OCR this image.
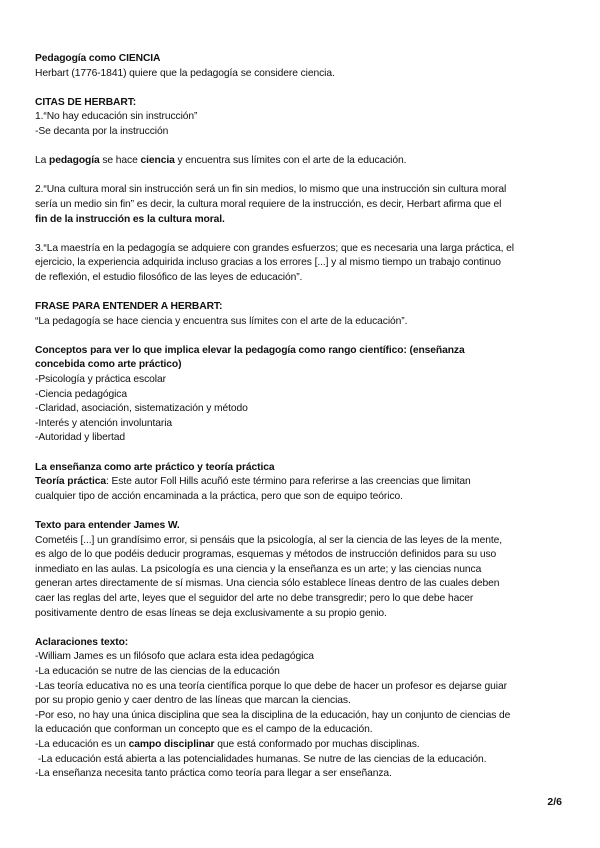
Pedagogía como CIENCIA

Herbart (1776-1841) quiere que la pedagogía se considere ciencia.

CITAS DE HERBART:

1.“No hay educación sin instrucción”

-Se decanta por la instrucción

La pedagogía se hace ciencia y encuentra sus límites con el arte de la educación.

2.“Una cultura moral sin instrucción será un fin sin medios, lo mismo que una instrucción sin cultura moral

sería un medio sin fin” es decir, la cultura moral requiere de la instrucción, es decir, Herbart afirma que el

fin de la instrucción es la cultura moral.

3.“La maestría en la pedagogía se adquiere con grandes esfuerzos; que es necesaria una larga práctica, el

ejercicio, la experiencia adquirida incluso gracias a los errores [...] y al mismo tiempo un trabajo continuo

de reflexión, el estudio filosófico de las leyes de educación”.

FRASE PARA ENTENDER A HERBART:

“La pedagogía se hace ciencia y encuentra sus límites con el arte de la educación”.

Conceptos para ver lo que implica elevar la pedagogía como rango científico: (enseñanza

concebida como arte práctico)

-Psicología y práctica escolar

-Ciencia pedagógica

-Claridad, asociación, sistematización y método

-Interés y atención involuntaria

-Autoridad y libertad

La enseñanza como arte práctico y teoría práctica

Teoría práctica: Este autor Foll Hills acuñó este término para referirse a las creencias que limitan

cualquier tipo de acción encaminada a la práctica, pero que son de equipo teórico.

Texto para entender James W.

Cometéis [...] un grandísimo error, si pensáis que la psicología, al ser la ciencia de las leyes de la mente,

es algo de lo que podéis deducir programas, esquemas y métodos de instrucción definidos para su uso

inmediato en las aulas. La psicología es una ciencia y la enseñanza es un arte; y las ciencias nunca

generan artes directamente de sí mismas. Una ciencia sólo establece líneas dentro de las cuales deben

caer las reglas del arte, leyes que el seguidor del arte no debe transgredir; pero lo que debe hacer

positivamente dentro de esas líneas se deja exclusivamente a su propio genio.

Aclaraciones texto:

-William James es un filósofo que aclara esta idea pedagógica

-La educación se nutre de las ciencias de la educación

-Las teoría educativa no es una teoría científica porque lo que debe de hacer un profesor es dejarse guiar

por su propio genio y caer dentro de las líneas que marcan la ciencias.

-Por eso, no hay una única disciplina que sea la disciplina de la educación, hay un conjunto de ciencias de

la educación que conforman un concepto que es el campo de la educación.

-La educación es un campo disciplinar que está conformado por muchas disciplinas.

-La educación está abierta a las potencialidades humanas. Se nutre de las ciencias de la educación.

-La enseñanza necesita tanto práctica como teoría para llegar a ser enseñanza.

2/6
